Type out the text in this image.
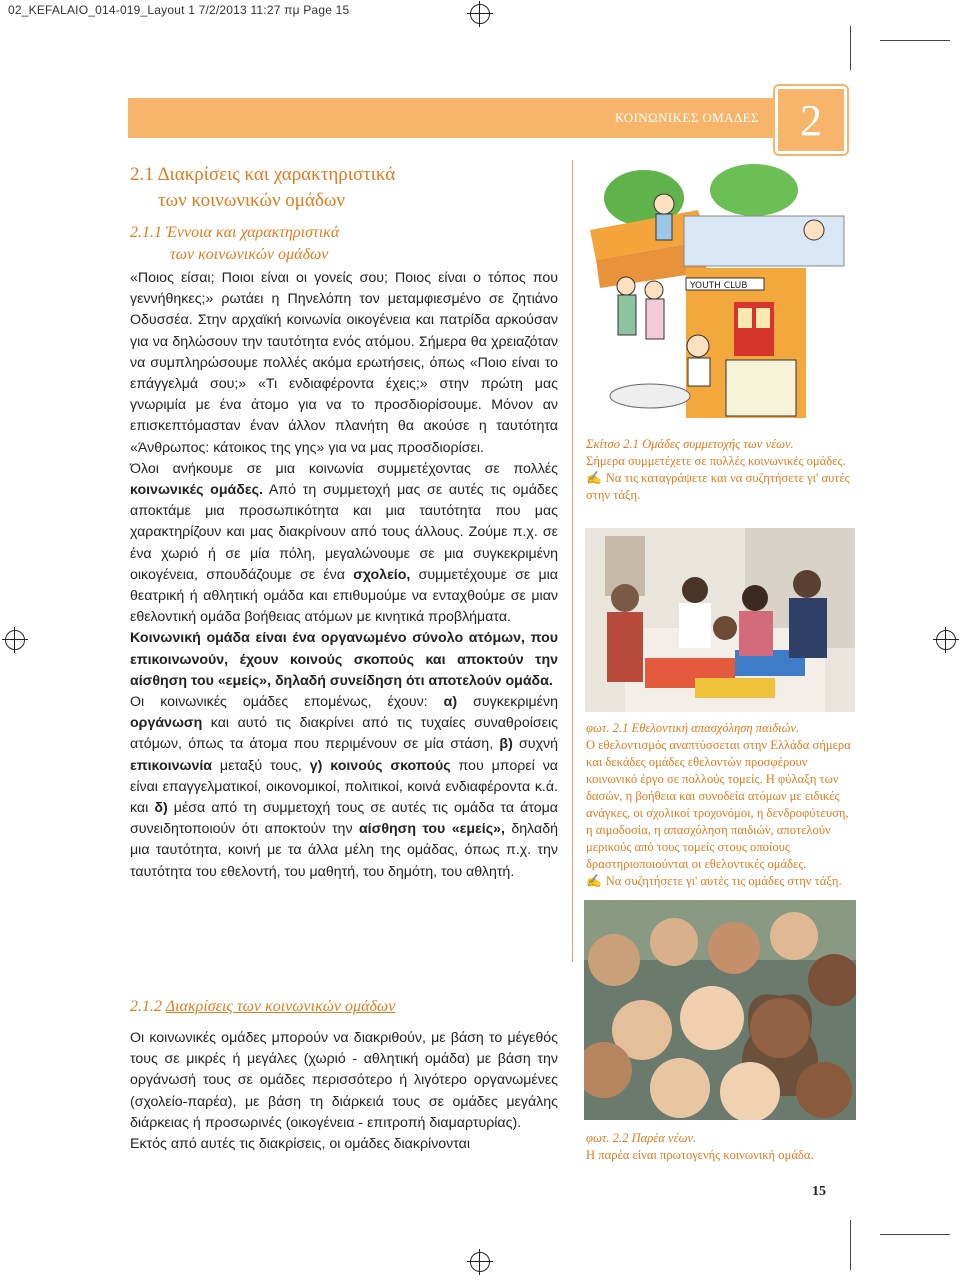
02_KEFALAIO_014-019_Layout 1 7/2/2013 11:27 πμ Page 15
ΚΟΙΝΩΝΙΚΕΣ ΟΜΑΔΕΣ 2
2.1 Διακρίσεις και χαρακτηριστικά
των κοινωνικών ομάδων
2.1.1 Έννοια και χαρακτηριστικά
των κοινωνικών ομάδων

«Ποιος είσαι; Ποιοι είναι οι γονείς σου; Ποιος είναι ο τόπος που γεννήθηκες;» ρωτάει η Πηνελόπη τον μεταμφιεσμένο σε ζητιάνο Οδυσσέα. Στην αρχαϊκή κοινωνία οικογένεια και πατρίδα αρκούσαν για να δηλώσουν την ταυτότητα ενός ατόμου. Σήμερα θα χρειαζόταν να συμπληρώσουμε πολλές ακόμα ερωτήσεις, όπως «Ποιο είναι το επάγγελμά σου;» «Τι ενδιαφέροντα έχεις;» στην πρώτη μας γνωριμία με ένα άτομο για να το προσδιορίσουμε. Μόνον αν επισκεπτόμασταν έναν άλλον πλανήτη θα ακούσε η ταυτότητα «Άνθρωπος: κάτοικος της γης» για να μας προσδιορίσει.

Όλοι ανήκουμε σε μια κοινωνία συμμετέχοντας σε πολλές κοινωνικές ομάδες. Από τη συμμετοχή μας σε αυτές τις ομάδες αποκτάμε μια προσωπικότητα και μια ταυτότητα που μας χαρακτηρίζουν και μας διακρίνουν από τους άλλους. Ζούμε π.χ. σε ένα χωριό ή σε μία πόλη, μεγαλώνουμε σε μια συγκεκριμένη οικογένεια, σπουδάζουμε σε ένα σχολείο, συμμετέχουμε σε μια θεατρική ή αθλητική ομάδα και επιθυμούμε να ενταχθούμε σε μιαν εθελοντική ομάδα βοήθειας ατόμων με κινητικά προβλήματα.

Κοινωνική ομάδα είναι ένα οργανωμένο σύνολο ατόμων, που επικοινωνούν, έχουν κοινούς σκοπούς και αποκτούν την αίσθηση του «εμείς», δηλαδή συνείδηση ότι αποτελούν ομάδα.

Οι κοινωνικές ομάδες επομένως, έχουν: α) συγκεκριμένη οργάνωση και αυτό τις διακρίνει από τις τυχαίες συναθροίσεις ατόμων, όπως τα άτομα που περιμένουν σε μία στάση, β) συχνή επικοινωνία μεταξύ τους, γ) κοινούς σκοπούς που μπορεί να είναι επαγγελματικοί, οικονομικοί, πολιτικοί, κοινά ενδιαφέροντα κ.ά. και δ) μέσα από τη συμμετοχή τους σε αυτές τις ομάδα τα άτομα συνειδητοποιούν ότι αποκτούν την αίσθηση του «εμείς», δηλαδή μια ταυτότητα, κοινή με τα άλλα μέλη της ομάδας, όπως π.χ. την ταυτότητα του εθελοντή, του μαθητή, του δημότη, του αθλητή.

2.1.2 Διακρίσεις των κοινωνικών ομάδων

Οι κοινωνικές ομάδες μπορούν να διακριθούν, με βάση το μέγεθός τους σε μικρές ή μεγάλες (χωριό - αθλητική ομάδα) με βάση την οργάνωσή τους σε ομάδες περισσότερο ή λιγότερο οργανωμένες (σχολείο-παρέα), με βάση τη διάρκειά τους σε ομάδες μεγάλης διάρκειας ή προσωρινές (οικογένεια - επιτροπή διαμαρτυρίας).

Εκτός από αυτές τις διακρίσεις, οι ομάδες διακρίνονται

YOUTH CLUB
Σκίτσο 2.1 Ομάδες συμμετοχής των νέων.
Σήμερα συμμετέχετε σε πολλές κοινωνικές ομάδες.
✍ Να τις καταγράψετε και να συζητήσετε γι' αυτές στην τάξη.
φωτ. 2.1 Εθελοντική απασχόληση παιδιών.
Ο εθελοντισμός αναπτύσσεται στην Ελλάδα σήμερα και δεκάδες ομάδες εθελοντών προσφέρουν κοινωνικό έργο σε πολλούς τομείς. Η φύλαξη των δασών, η βοήθεια και συνοδεία ατόμων με ειδικές ανάγκες, οι σχολικοί τροχονόμοι, η δενδροφύτευση, η αιμοδοσία, η απασχόληση παιδιών, αποτελούν μερικούς από τους τομείς στους οποίους δραστηριοποιούνται οι εθελοντικές ομάδες.
✍ Να συζητήσετε γι' αυτές τις ομάδες στην τάξη.
φωτ. 2.2 Παρέα νέων.
Η παρέα είναι πρωτογενής κοινωνική ομάδα.
15
